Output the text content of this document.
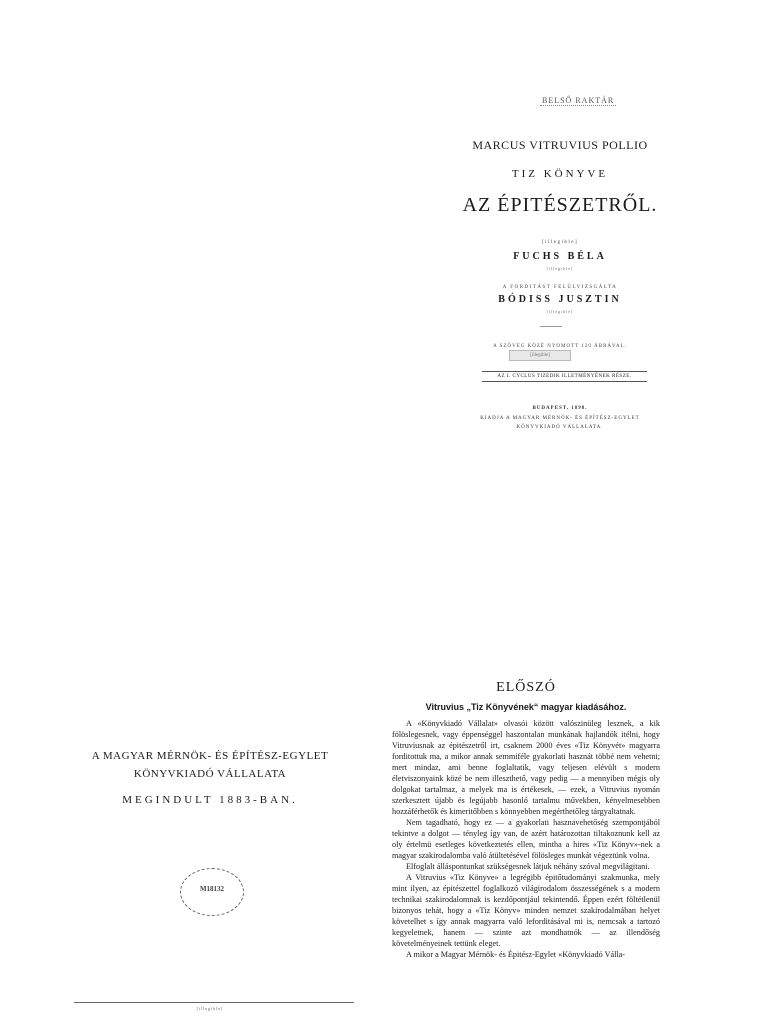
BELSŐ RAKTÁR
MARCUS VITRUVIUS POLLIO
TIZ KÖNYVE
AZ ÉPITÉSZETRŐL.
[illegible]
FUCHS BÉLA
[illegible]
A FORDITÁST FELÜLVIZSGÁLTA
BÓDISS JUSZTIN
[illegible]
A SZÖVEG KÖZÉ NYOMOTT 120 ÁBRÁVAL.
[illegible]
AZ I. CYCLUS TIZEDIK ILLETMÉNYÉNEK RÉSZE.
BUDAPEST, 1898.
KIADJA A MAGYAR MÉRNÖK- ÉS ÉPÍTÉSZ-EGYLET
KÖNYVKIADÓ VÁLLALATA.
A MAGYAR MÉRNÖK- ÉS ÉPÍTÉSZ-EGYLET
KÖNYVKIADÓ VÁLLALATA
MEGINDULT 1883-BAN.
M18132
[illegible]
ELŐSZÓ
Vitruvius „Tiz Könyvének“ magyar kiadásához.

A «Könyvkiadó Vállalat» olvasói között valószinüleg lesznek, a kik fölöslegesnek, vagy éppenséggel haszontalan munkának hajlandók itélni, hogy Vitruviusnak az épitészetről irt, csaknem 2000 éves «Tiz Könyvét» magyarra forditottuk ma, a mikor annak semmiféle gyakorlati hasznát többé nem vehetni; mert mindaz, ami benne foglaltatik, vagy teljesen elévült s modern életviszonyaink közé be nem illeszthető, vagy pedig — a mennyiben mégis oly dolgokat tartalmaz, a melyek ma is értékesek, — ezek, a Vitruvius nyomán szerkesztett újabb és legújabb hasonló tartalmu művekben, kényelmesebben hozzáférhetők és kimeritőbben s könnyebben megérthetőleg tárgyaltatnak.

Nem tagadható, hogy ez — a gyakorlati hasznavehetőség szempontjából tekintve a dolgot — tényleg így van, de azért határozottan tiltakoznunk kell az oly értelmü esetleges következtetés ellen, mintha a hires «Tiz Könyv»-nek a magyar szakirodalomba való átültetésével fölösleges munkát végeztünk volna.

Elfoglalt álláspontunkat szükségesnek látjuk néhány szóval megvilágitani.

A Vitruvius «Tiz Könyve» a legrégibb épitőtudományi szakmunka, mely mint ilyen, az épitészettel foglalkozó világirodalom összességének s a modern technikai szakirodalomnak is kezdőpontjául tekintendő. Éppen ezért föltétlenül bizonyos tehát, hogy a «Tiz Könyv» minden nemzet szakirodalmában helyet követelhet s így annak magyarra való leforditásával mi is, nemcsak a tartozó kegyeletnek, hanem — szinte azt mondhatnók — az illendőség követelményeinek tettünk eleget.

A mikor a Magyar Mérnök- és Épitész-Egylet «Könyvkiadó Válla-
